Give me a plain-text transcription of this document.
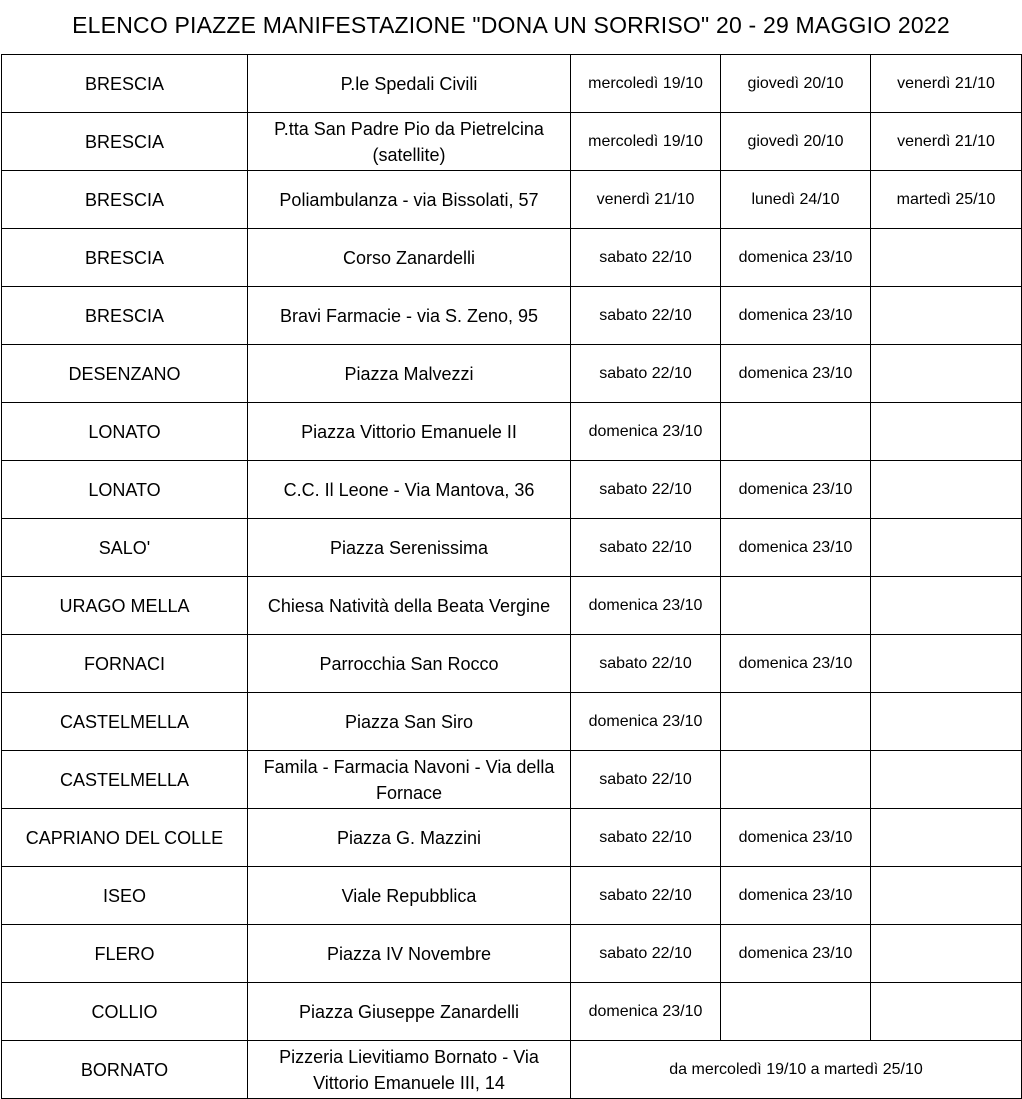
ELENCO PIAZZE MANIFESTAZIONE "DONA UN SORRISO" 20 - 29 MAGGIO 2022
BRESCIA	P.le Spedali Civili	mercoledì 19/10	giovedì 20/10	venerdì 21/10
BRESCIA	P.tta San Padre Pio da Pietrelcina (satellite)	mercoledì 19/10	giovedì 20/10	venerdì 21/10
BRESCIA	Poliambulanza - via Bissolati, 57	venerdì 21/10	lunedì 24/10	martedì 25/10
BRESCIA	Corso Zanardelli	sabato 22/10	domenica 23/10	
BRESCIA	Bravi Farmacie - via S. Zeno, 95	sabato 22/10	domenica 23/10	
DESENZANO	Piazza Malvezzi	sabato 22/10	domenica 23/10	
LONATO	Piazza Vittorio Emanuele II	domenica 23/10		
LONATO	C.C. Il Leone - Via Mantova, 36	sabato 22/10	domenica 23/10	
SALO'	Piazza Serenissima	sabato 22/10	domenica 23/10	
URAGO MELLA	Chiesa Natività della Beata Vergine	domenica 23/10		
FORNACI	Parrocchia San Rocco	sabato 22/10	domenica 23/10	
CASTELMELLA	Piazza San Siro	domenica 23/10		
CASTELMELLA	Famila - Farmacia Navoni - Via della Fornace	sabato 22/10		
CAPRIANO DEL COLLE	Piazza G. Mazzini	sabato 22/10	domenica 23/10	
ISEO	Viale Repubblica	sabato 22/10	domenica 23/10	
FLERO	Piazza IV Novembre	sabato 22/10	domenica 23/10	
COLLIO	Piazza Giuseppe Zanardelli	domenica 23/10		
BORNATO	Pizzeria Lievitiamo Bornato - Via Vittorio Emanuele III, 14	da mercoledì 19/10 a martedì 25/10		
